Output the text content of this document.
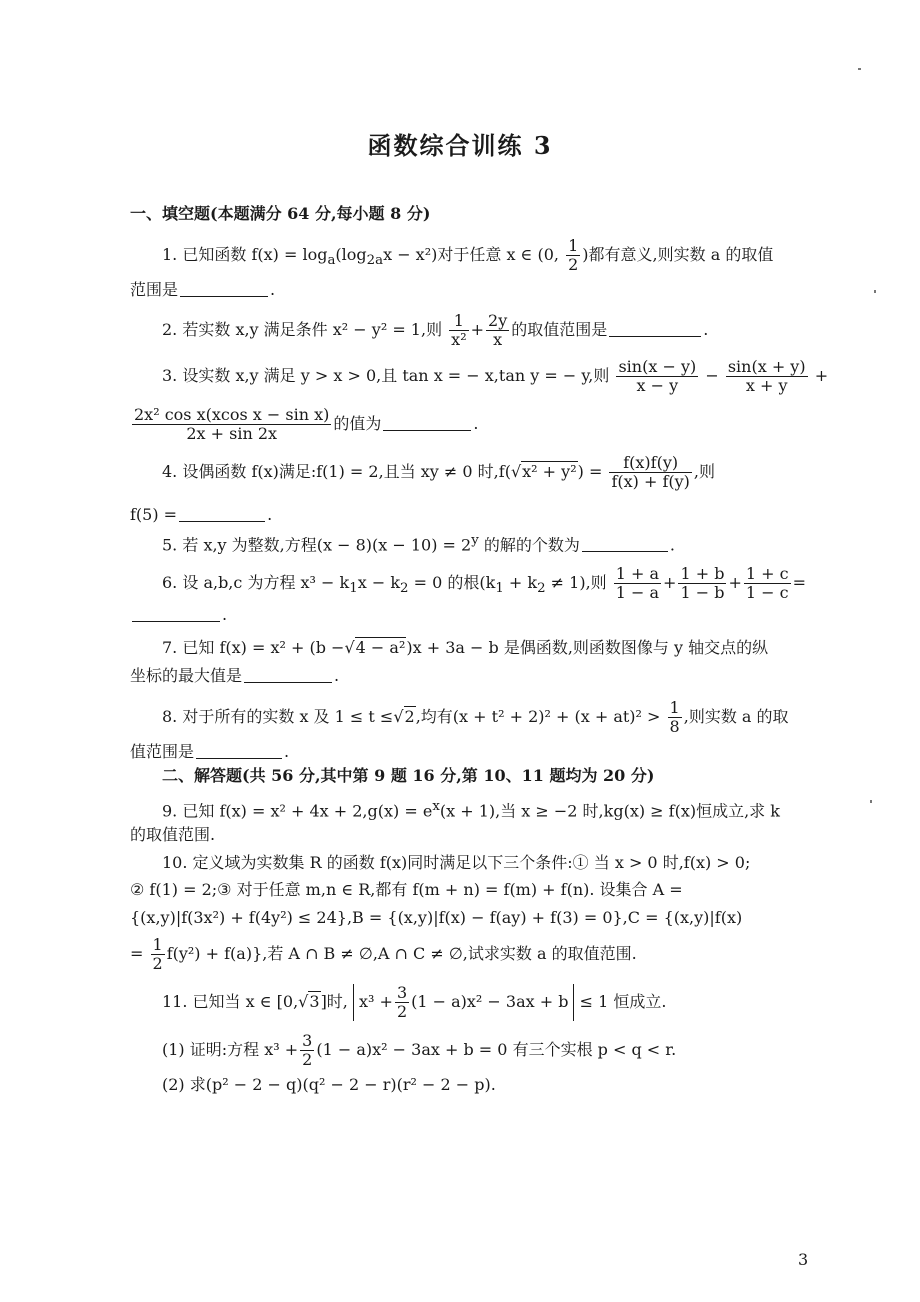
函数综合训练 3
一、填空题(本题满分 64 分,每小题 8 分)
1. 已知函数 $f(x) = \log_a(\log_{2a}x - x^2)$对于任意 x ∈ (0, $\frac{1}{2}$ )都有意义,则实数 a 的取值
范围是	.
2. 若实数 x,y 满足条件 x² − y² = 1,则 $\frac{1}{\text{x²}} + \frac{2y}{x}$ 的取值范围是	.
3. 设实数 x,y 满足 y > x > 0,且 tan x = − x,tan y = − y,则 $\frac{\sin(x - y)}{x - y} - \frac{\sin(x + y)}{x + y}$ +
$\frac{\text{2x² cos x(xcos x − sin x)}}{2x + \sin 2x}$ 的值为	.
4. 设偶函数 f(x)满足:f(1) = 2,且当 xy ≠ 0 时$,f(√x^2 + y^2) = \frac{f(x)f(y)}{f(x) + f(y)}$ ,则
f(5) =	.
5. 若 x,y 为整数,方程$(x - 8)(x - 10) = 2^y$ 的解的个数为	.
6. 设 a,b,c 为方程 $x^3 - k_1x - k_2 = 0$ 的根$(k_1 + k_2 \ne 1)$,则 $\frac{1 + a}{1 - a} + \frac{1 + b}{1 - b} + \frac{1 + c}{1 - c}$ =
.
7. 已知 f(x) = x² + (b −√4 − a²)x + 3a − b 是偶函数,则函数图像与 y 轴交点的纵
坐标的最大值是	.
8. 对于所有的实数 x 及 1 ≤ t ≤√2,均有$(x + t^2 + 2)^2 + (x + at)^2 > \frac{1}{8}$ ,则实数 a 的取
值范围是	.
二、解答题(共 56 分,其中第 9 题 16 分,第 10、11 题均为 20 分)
9. 已知 $f(x) = x^2 + 4x + 2,g(x) = e^x(x + 1)$,当 x ≥ −2 时,kg(x) ≥ f(x)恒成立,求 k
的取值范围.
10. 定义域为实数集 R 的函数 f(x)同时满足以下三个条件:① 当 x > 0 时,f(x) > 0;
② f(1) = 2;③ 对于任意 m,n ∈ R,都有 f(m + n) = f(m) + f(n). 设集合 A =
{(x,y)|f(3x²) + f(4y²) ≤ 24},B = {(x,y)|f(x) − f(ay) + f(3) = 0},C = {(x,y)|f(x)
= $\frac{1}{2} f(y^2) + f(a)$},若 A ∩ B ≠ ∅,A ∩ C ≠ ∅,试求实数 a 的取值范围.
11. 已知当 x ∈ [0,√3]时, $x^3 + \frac{3}{2} (1 - a)x^2 - 3ax + b \le 1$ 恒成立.
(1) 证明:方程 $x^3 + \frac{3}{2} (1 - a)x^2 - 3ax + b = 0$ 有三个实根 p < q < r.
(2) 求(p² − 2 − q)(q² − 2 − r)(r² − 2 − p).
3
